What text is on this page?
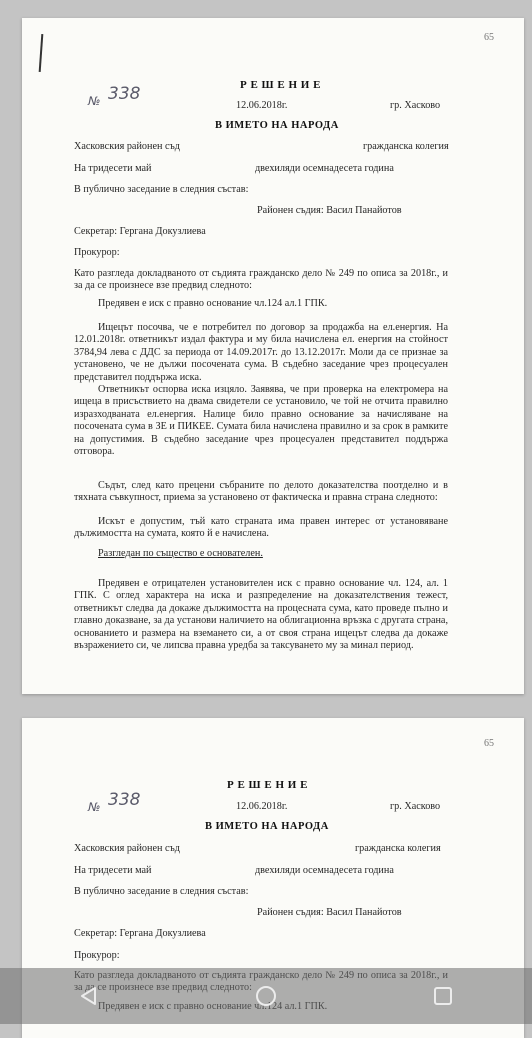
65
Р Е Ш Е Н И Е
№ 338
12.06.2018г.	гр. Хасково
В ИМЕТО НА НАРОДА
Хасковския районен съд	гражданска колегия
На тридесети май	двехиляди осемнадесета година
В публично заседание в следния състав:
Районен съдия: Васил Панайотов
Секретар: Гергана Докузлиева
Прокурор:
Като разгледа докладваното от съдията гражданско дело № 249 по описа за 2018г., и за да се произнесе взе предвид следното:
Предявен е иск с правно основание чл.124 ал.1 ГПК.
Ищецът посочва, че е потребител по договор за продажба на ел.енергия. На 12.01.2018г. ответникът издал фактура и му била начислена ел. енергия на стойност 3784,94 лева с ДДС за периода от 14.09.2017г. до 13.12.2017г. Моли да се признае за установено, че не дължи посочената сума. В съдебно заседание чрез процесуален представител поддържа иска.
Ответникът оспорва иска изцяло. Заявява, че при проверка на електромера на ищеца в присъствието на двама свидетели се установило, че той не отчита правилно изразходваната ел.енергия. Налице било правно основание за начисляване на посочената сума в ЗЕ и ПИКЕЕ. Сумата била начислена правилно и за срок в рамките на допустимия. В съдебно заседание чрез процесуален представител поддържа отговора.
Съдът, след като прецени събраните по делото доказателства поотделно и в тяхната съвкупност, приема за установено от фактическа и правна страна следното:
Искът е допустим, тъй като страната има правен интерес от установяване дължимостта на сумата, която й е начислена.
Разгледан по същество е основателен.
Предявен е отрицателен установителен иск с правно основание чл. 124, ал. 1 ГПК. С оглед характера на иска и разпределение на доказателствения тежест, ответникът следва да докаже дължимостта на процесната сума, като проведе пълно и главно доказване, за да установи наличието на облигационна връзка с другата страна, основанието и размера на вземането си, а от своя страна ищецът следва да докаже възражението си, че липсва правна уредба за таксуването му за минал период.
65
Р Е Ш Е Н И Е
№ 338	12.06.2018г.	гр. Хасково
В ИМЕТО НА НАРОДА
Хасковския районен съд	гражданска колегия
На тридесети май	двехиляди осемнадесета година
В публично заседание в следния състав:
Районен съдия: Васил Панайотов
Секретар: Гергана Докузлиева
Прокурор:
